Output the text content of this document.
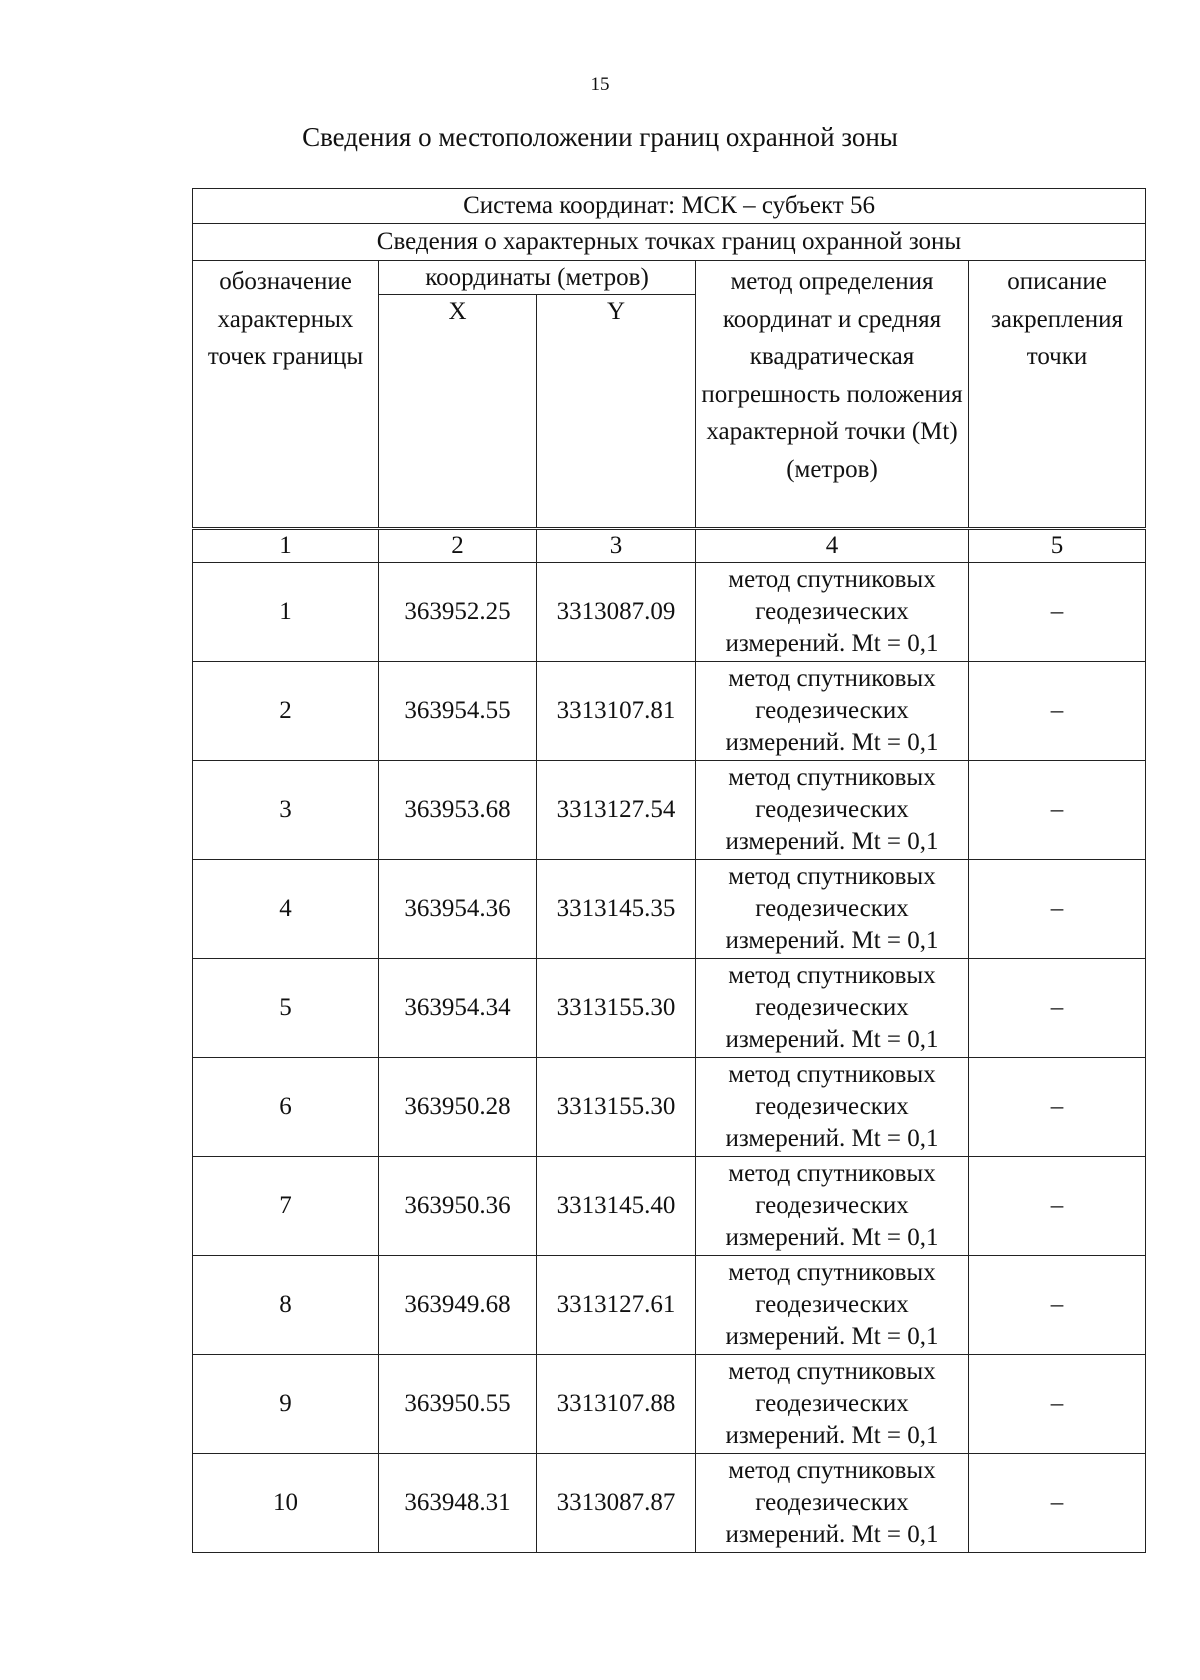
15
Сведения о местоположении границ охранной зоны
Система координат: МСК – субъект 56				
Сведения о характерных точках границ охранной зоны				
обозначение характерных точек границы	координаты (метров)		метод определения координат и средняя квадратическая погрешность положения характерной точки (Mt) (метров)	описание закрепления точки
	X	Y		
1	2	3	4	5
1	363952.25	3313087.09	метод спутниковых геодезических измерений. Mt = 0,1	–
2	363954.55	3313107.81	метод спутниковых геодезических измерений. Mt = 0,1	–
3	363953.68	3313127.54	метод спутниковых геодезических измерений. Mt = 0,1	–
4	363954.36	3313145.35	метод спутниковых геодезических измерений. Mt = 0,1	–
5	363954.34	3313155.30	метод спутниковых геодезических измерений. Mt = 0,1	–
6	363950.28	3313155.30	метод спутниковых геодезических измерений. Mt = 0,1	–
7	363950.36	3313145.40	метод спутниковых геодезических измерений. Mt = 0,1	–
8	363949.68	3313127.61	метод спутниковых геодезических измерений. Mt = 0,1	–
9	363950.55	3313107.88	метод спутниковых геодезических измерений. Mt = 0,1	–
10	363948.31	3313087.87	метод спутниковых геодезических измерений. Mt = 0,1	–
